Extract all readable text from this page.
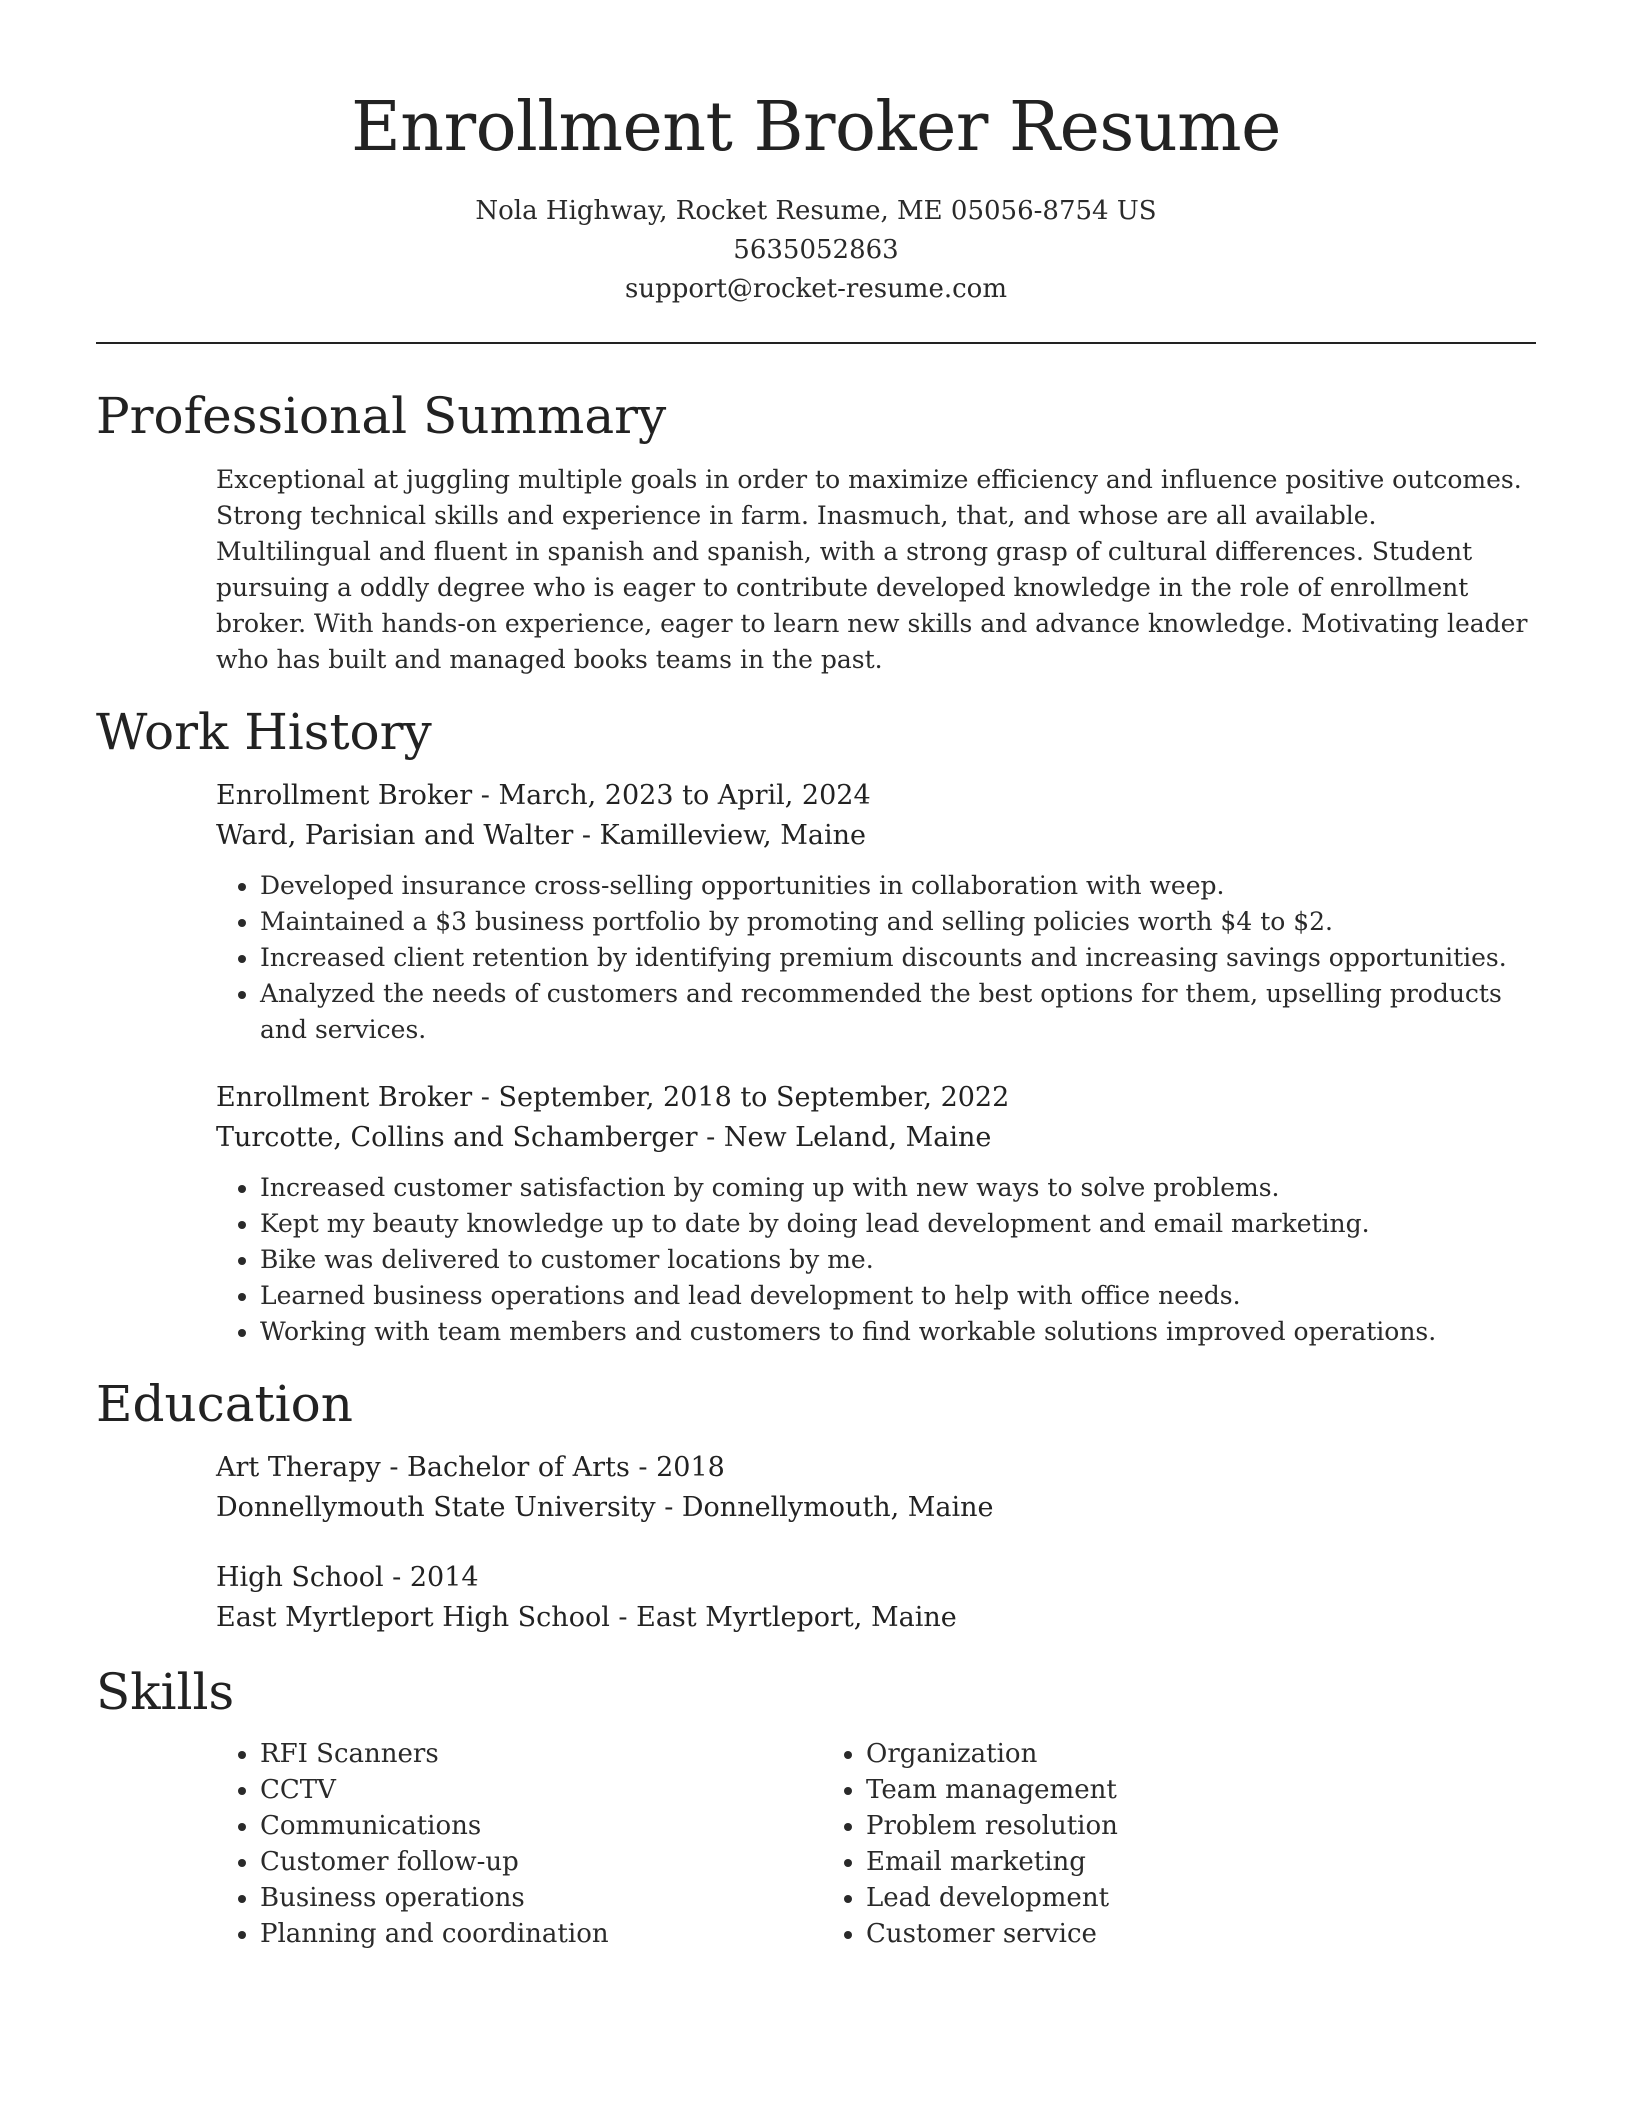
Enrollment Broker Resume
Nola Highway, Rocket Resume, ME 05056-8754 US
5635052863
support@rocket-resume.com
Professional Summary

Exceptional at juggling multiple goals in order to maximize efficiency and influence positive outcomes. Strong technical skills and experience in farm. Inasmuch, that, and whose are all available. Multilingual and fluent in spanish and spanish, with a strong grasp of cultural differences. Student pursuing a oddly degree who is eager to contribute developed knowledge in the role of enrollment broker. With hands-on experience, eager to learn new skills and advance knowledge. Motivating leader who has built and managed books teams in the past.

Work History
Enrollment Broker - March, 2023 to April, 2024
Ward, Parisian and Walter - Kamilleview, Maine
• Developed insurance cross-selling opportunities in collaboration with weep.
• Maintained a $3 business portfolio by promoting and selling policies worth $4 to $2.
• Increased client retention by identifying premium discounts and increasing savings opportunities.
• Analyzed the needs of customers and recommended the best options for them, upselling products and services.
Enrollment Broker - September, 2018 to September, 2022
Turcotte, Collins and Schamberger - New Leland, Maine
• Increased customer satisfaction by coming up with new ways to solve problems.
• Kept my beauty knowledge up to date by doing lead development and email marketing.
• Bike was delivered to customer locations by me.
• Learned business operations and lead development to help with office needs.
• Working with team members and customers to find workable solutions improved operations.
Education
Art Therapy - Bachelor of Arts - 2018
Donnellymouth State University - Donnellymouth, Maine
High School - 2014
East Myrtleport High School - East Myrtleport, Maine
Skills
• RFI Scanners
• CCTV
• Communications
• Customer follow-up
• Business operations
• Planning and coordination
• Organization
• Team management
• Problem resolution
• Email marketing
• Lead development
• Customer service
